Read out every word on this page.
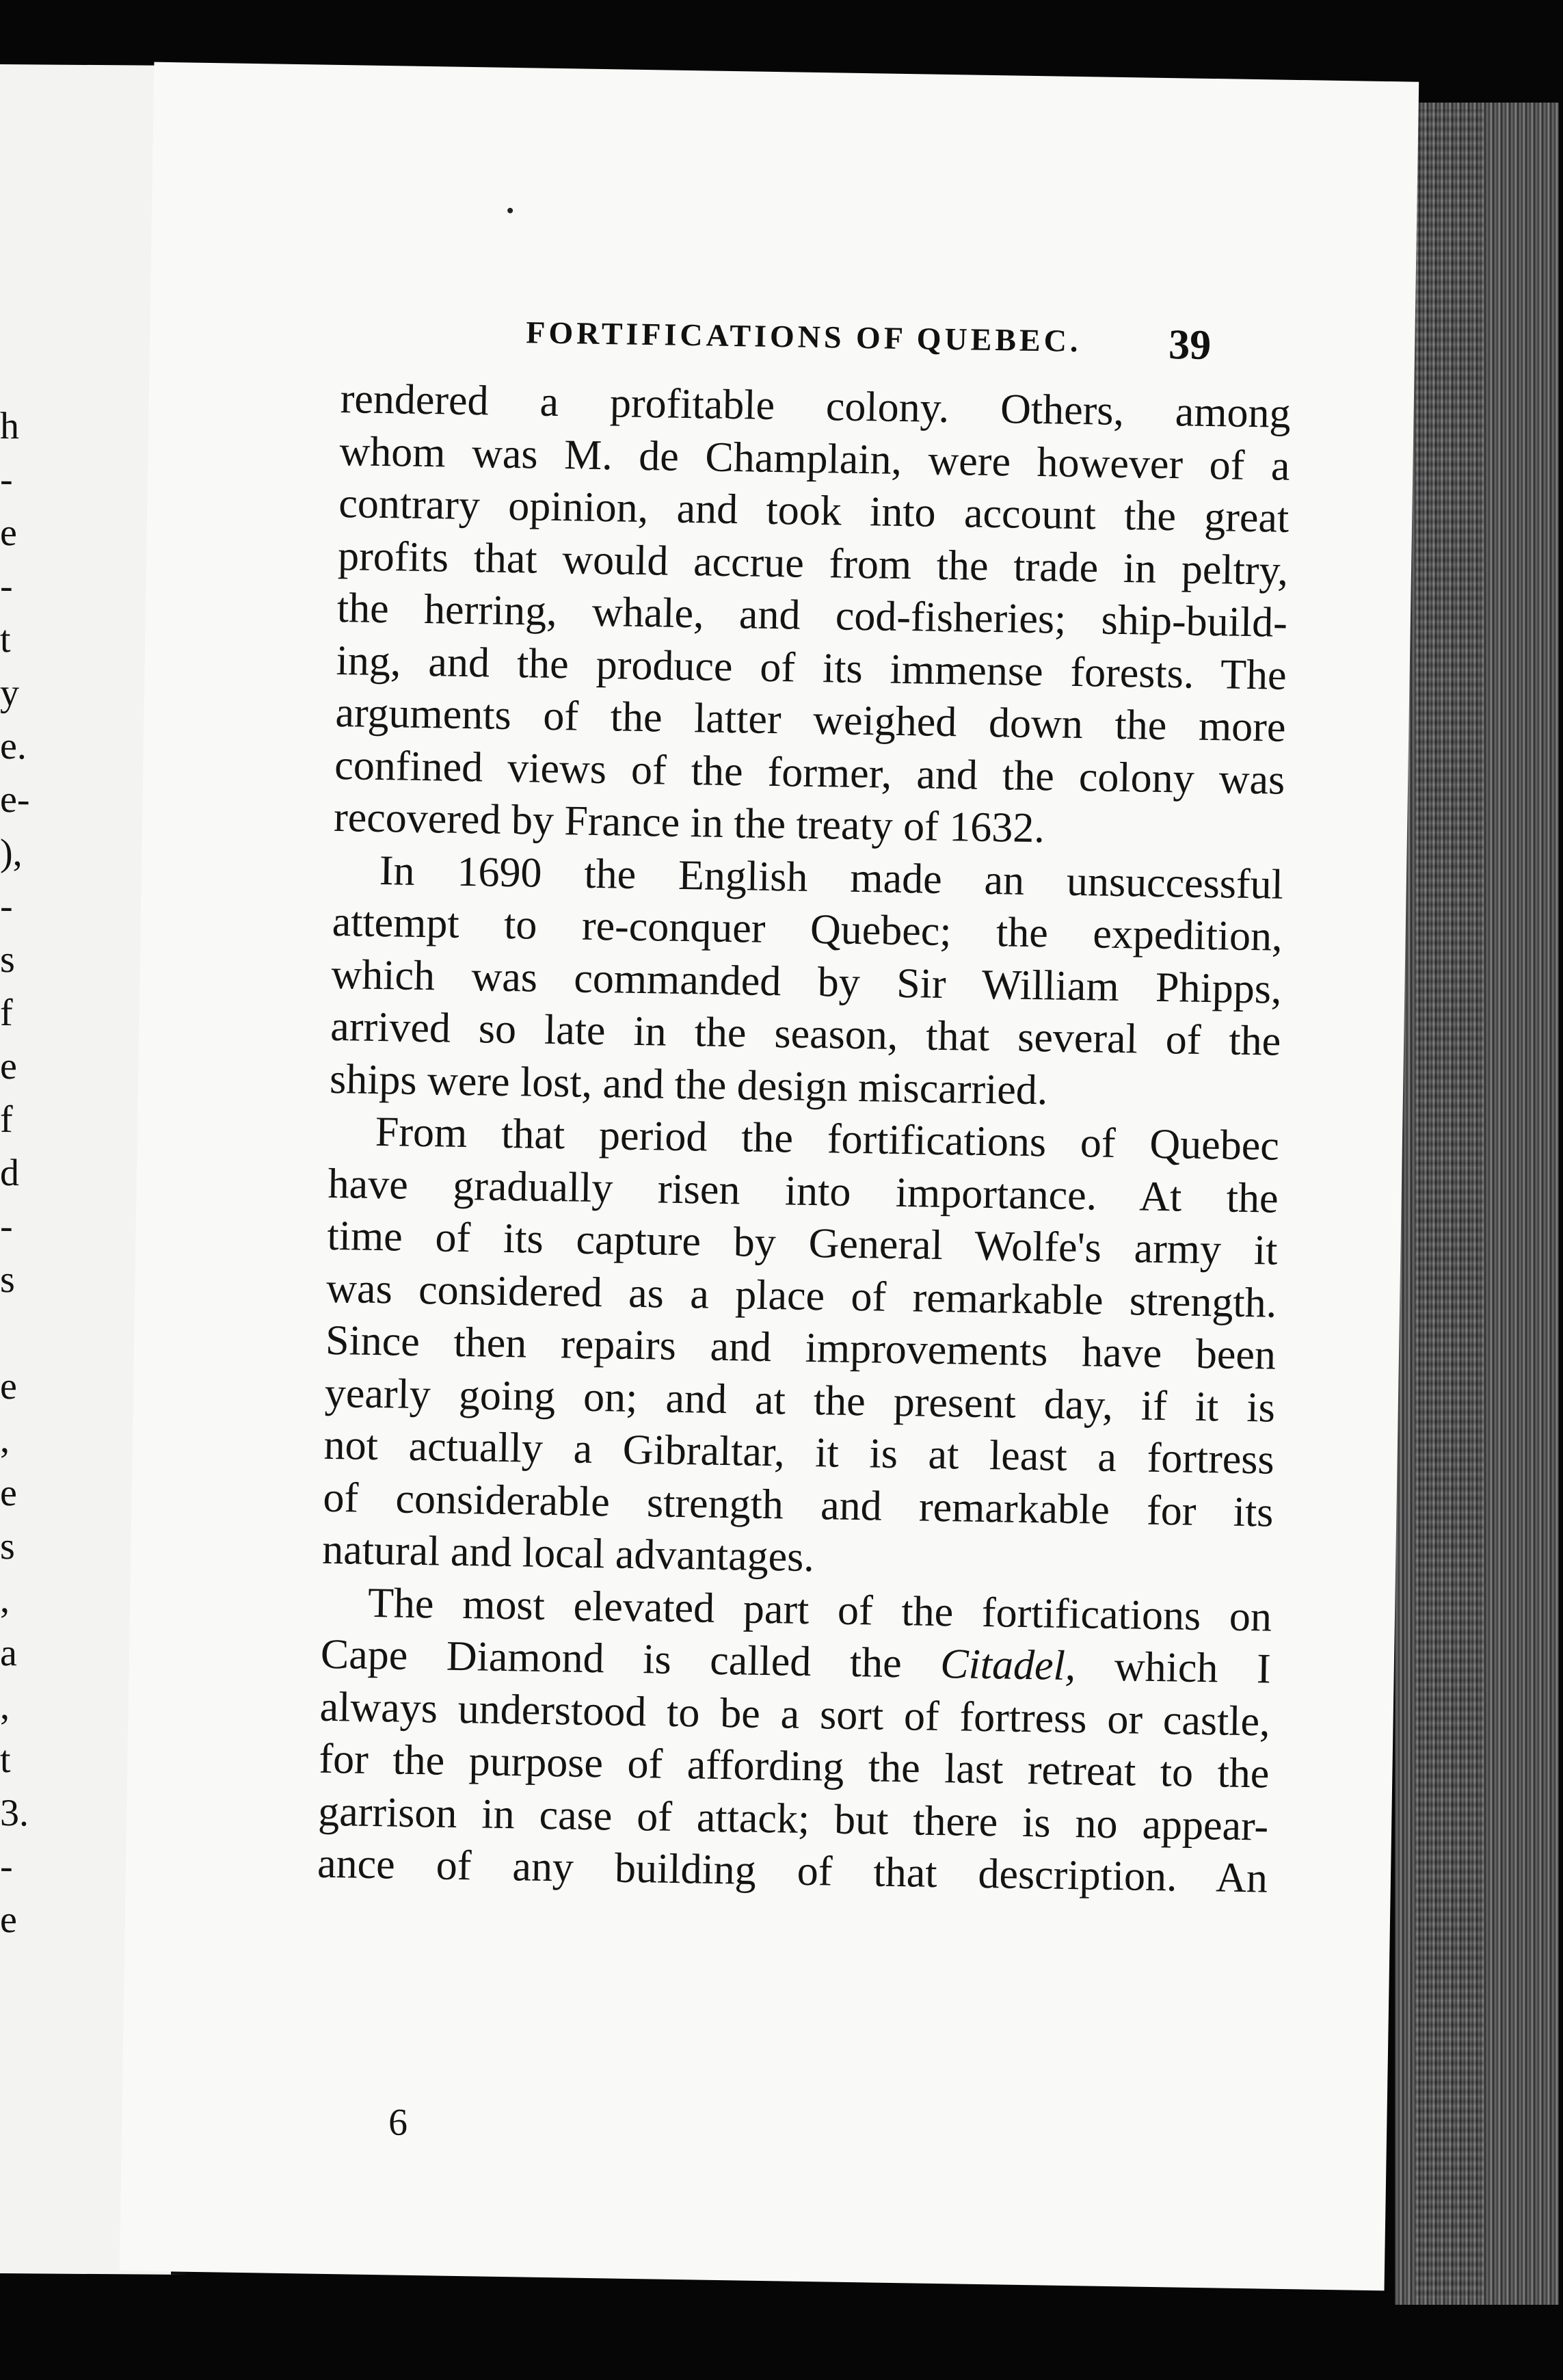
h
-
e
-
t
y
e.
e-
),
-
s
f
e
f
d
-
s

e
,
e
s
,
a
,
t
3.
-
e
FORTIFICATIONS OF QUEBEC.	39

rendered a profitable colony. Others, among
whom was M. de Champlain, were however of a
contrary opinion, and took into account the great
profits that would accrue from the trade in peltry,
the herring, whale, and cod-fisheries; ship-build-
ing, and the produce of its immense forests. The
arguments of the latter weighed down the more
confined views of the former, and the colony was
recovered by France in the treaty of 1632.

In 1690 the English made an unsuccessful
attempt to re-conquer Quebec; the expedition,
which was commanded by Sir William Phipps,
arrived so late in the season, that several of the
ships were lost, and the design miscarried.

From that period the fortifications of Quebec
have gradually risen into importance. At the
time of its capture by General Wolfe's army it
was considered as a place of remarkable strength.
Since then repairs and improvements have been
yearly going on; and at the present day, if it is
not actually a Gibraltar, it is at least a fortress
of considerable strength and remarkable for its
natural and local advantages.

The most elevated part of the fortifications on
Cape Diamond is called the Citadel, which I
always understood to be a sort of fortress or castle,
for the purpose of affording the last retreat to the
garrison in case of attack; but there is no appear-
ance of any building of that description. An

6
